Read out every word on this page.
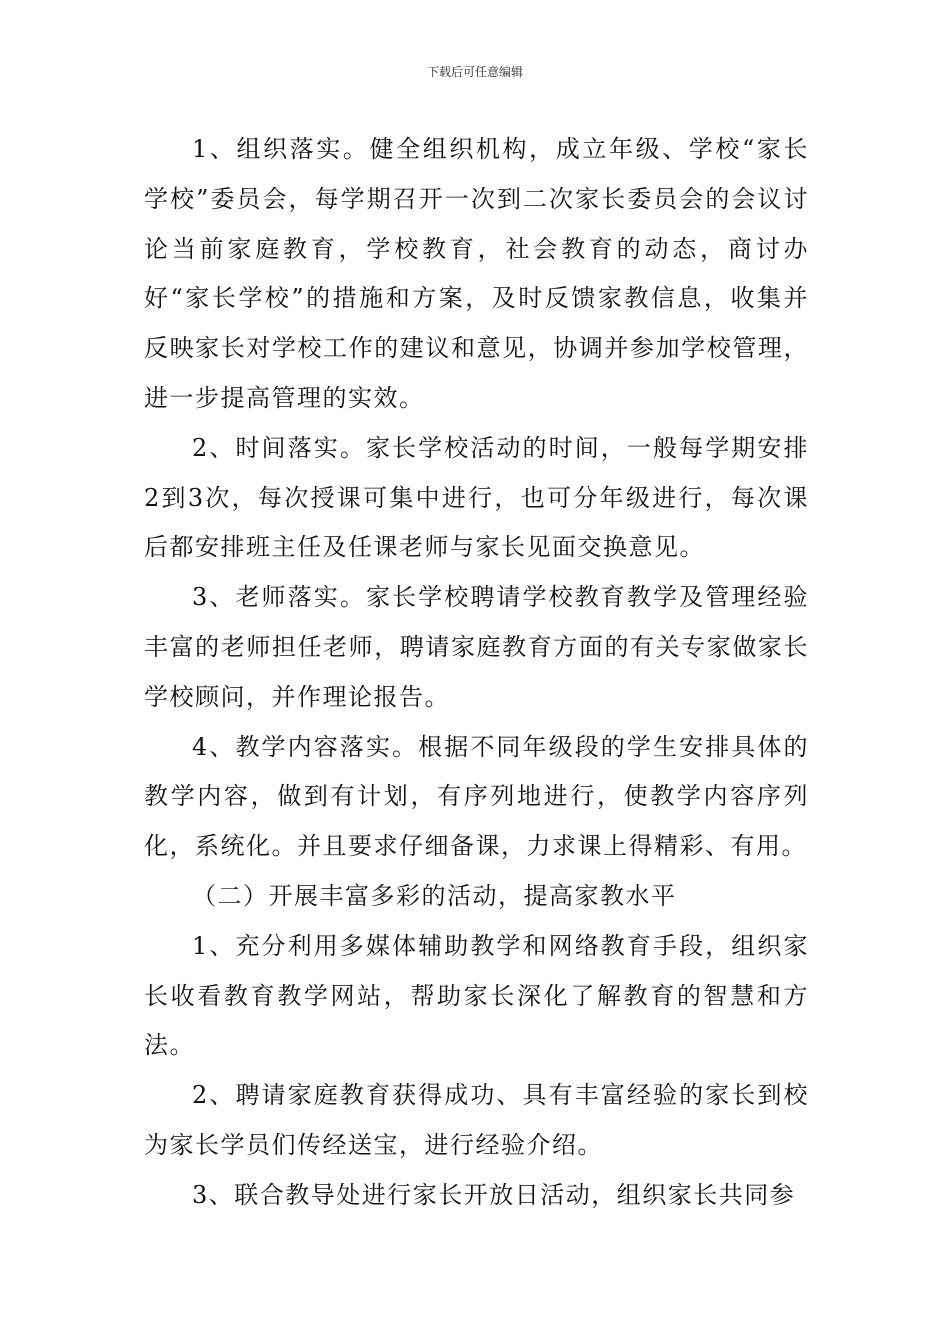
下载后可任意编辑

1、组织落实。健全组织机构，成立年级、学校“家长学校”委员会，每学期召开一次到二次家长委员会的会议讨论当前家庭教育，学校教育，社会教育的动态，商讨办好“家长学校”的措施和方案，及时反馈家教信息，收集并反映家长对学校工作的建议和意见，协调并参加学校管理，进一步提高管理的实效。

2、时间落实。家长学校活动的时间，一般每学期安排2到3次，每次授课可集中进行，也可分年级进行，每次课后都安排班主任及任课老师与家长见面交换意见。

3、老师落实。家长学校聘请学校教育教学及管理经验丰富的老师担任老师，聘请家庭教育方面的有关专家做家长学校顾问，并作理论报告。

4、教学内容落实。根据不同年级段的学生安排具体的教学内容，做到有计划，有序列地进行，使教学内容序列化，系统化。并且要求仔细备课，力求课上得精彩、有用。

（二）开展丰富多彩的活动，提高家教水平

1、充分利用多媒体辅助教学和网络教育手段，组织家长收看教育教学网站，帮助家长深化了解教育的智慧和方法。

2、聘请家庭教育获得成功、具有丰富经验的家长到校为家长学员们传经送宝，进行经验介绍。

3、联合教导处进行家长开放日活动，组织家长共同参
